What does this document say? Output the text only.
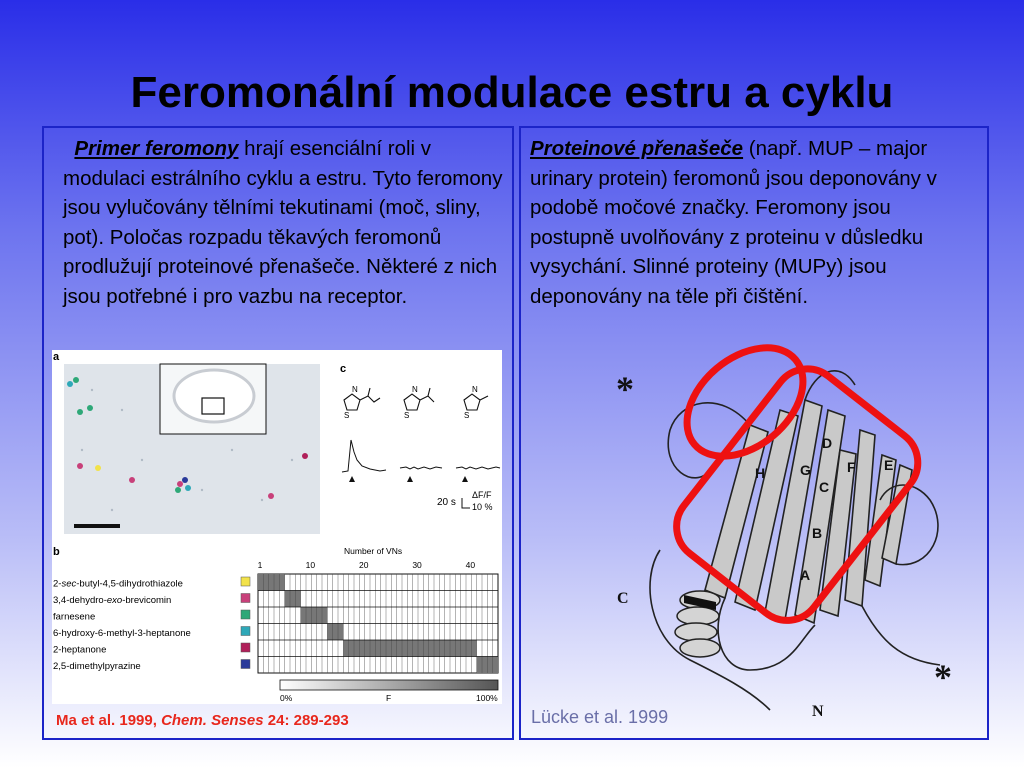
Feromonální modulace estru a cyklu
Primer feromony hrají esenciální roli v modulaci estrálního cyklu a estru. Tyto feromony jsou vylučovány tělními tekutinami (moč, sliny, pot). Poločas rozpadu těkavých feromonů prodlužují proteinové přenašeče. Některé z nich jsou potřebné i pro vazbu na receptor.
Proteinové přenašeče (např. MUP – major urinary protein) feromonů jsou deponovány v podobě močové značky. Feromony jsou postupně uvolňovány z proteinu v důsledku vysychání. Slinné proteiny (MUPy) jsou deponovány na těle při čištění.
a
c
N
S
N
S
N
S
20 s
ΔF/F
10 %
b	Number of VNs
1	10	20	30	40
2-sec-butyl-4,5-dihydrothiazole
3,4-dehydro-exo-brevicomin
farnesene
6-hydroxy-6-methyl-3-heptanone
2-heptanone
2,5-dimethylpyrazine
0%	F	100%
Ma et al. 1999, Chem. Senses 24: 289-293
A
B
C
D
E
F
G
H
*
*
C
N
Lücke et al. 1999
